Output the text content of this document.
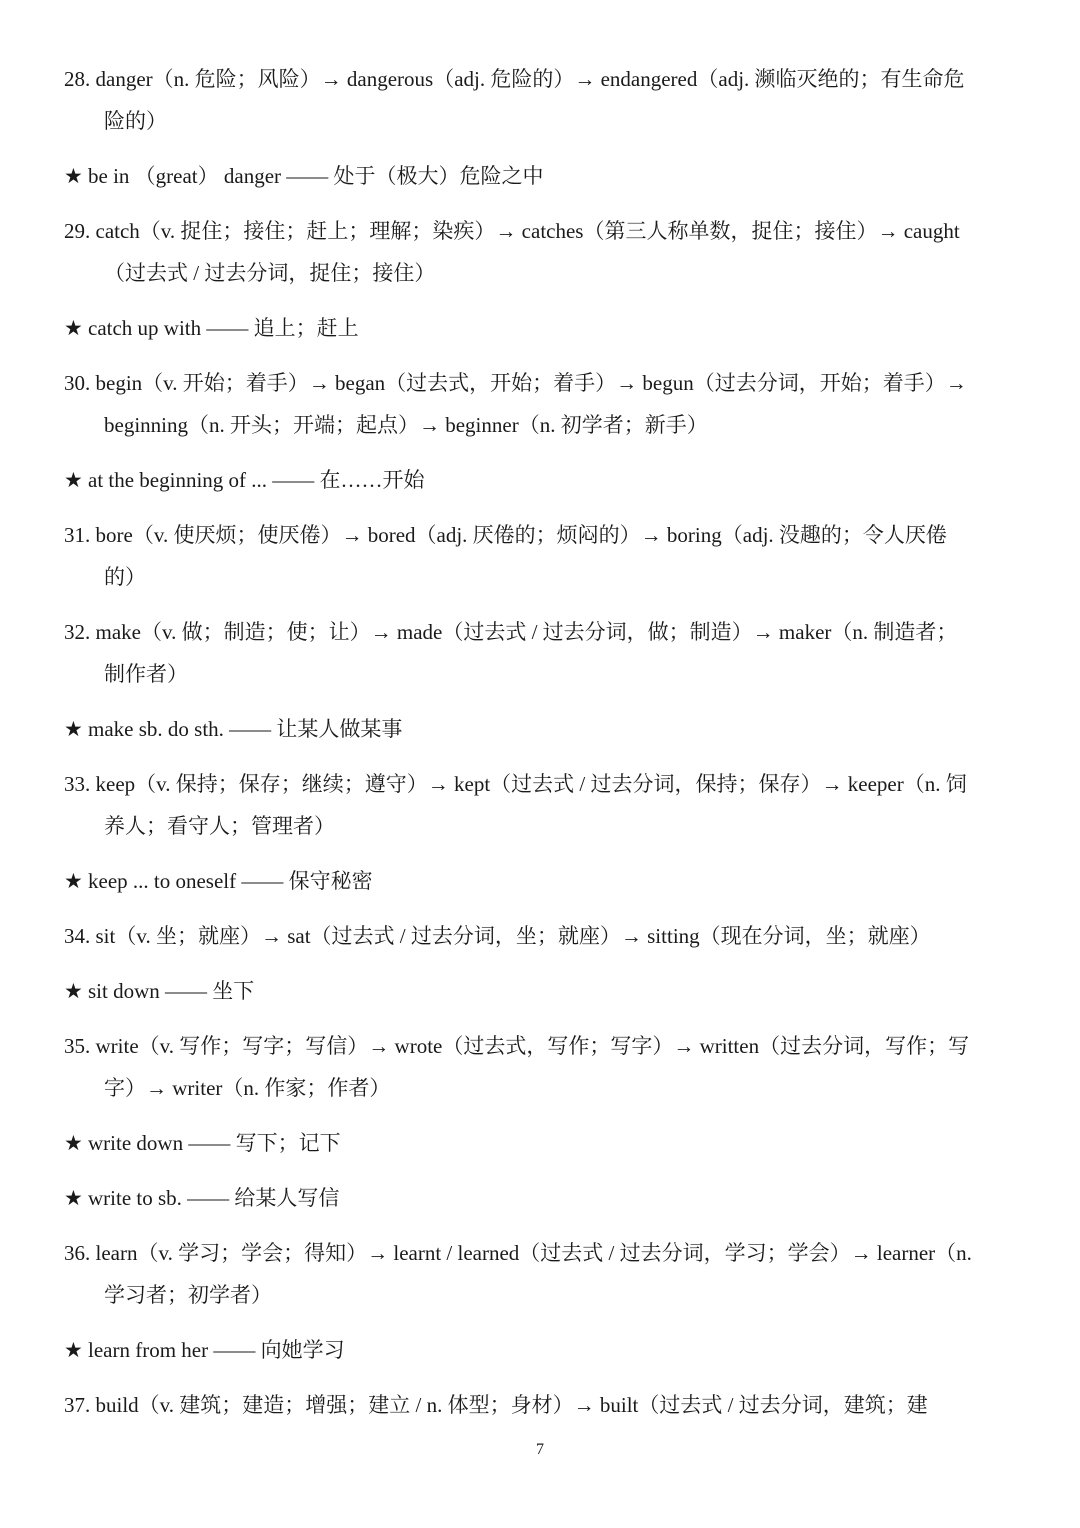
28. danger（n. 危险；风险）→ dangerous（adj. 危险的）→ endangered（adj. 濒临灭绝的；有生命危
险的）
★ be in （great） danger —— 处于（极大）危险之中
29. catch（v. 捉住；接住；赶上；理解；染疾）→ catches（第三人称单数，捉住；接住）→ caught
（过去式 / 过去分词，捉住；接住）
★ catch up with —— 追上；赶上
30. begin（v. 开始；着手）→ began（过去式，开始；着手）→ begun（过去分词，开始；着手）→
beginning（n. 开头；开端；起点）→ beginner（n. 初学者；新手）
★ at the beginning of ... —— 在……开始
31. bore（v. 使厌烦；使厌倦）→ bored（adj. 厌倦的；烦闷的）→ boring（adj. 没趣的；令人厌倦
的）
32. make（v. 做；制造；使；让）→ made（过去式 / 过去分词，做；制造）→ maker（n. 制造者；
制作者）
★ make sb. do sth. —— 让某人做某事
33. keep（v. 保持；保存；继续；遵守）→ kept（过去式 / 过去分词，保持；保存）→ keeper（n. 饲
养人；看守人；管理者）
★ keep ... to oneself —— 保守秘密
34. sit（v. 坐；就座）→ sat（过去式 / 过去分词，坐；就座）→ sitting（现在分词，坐；就座）
★ sit down —— 坐下
35. write（v. 写作；写字；写信）→ wrote（过去式，写作；写字）→ written（过去分词，写作；写
字）→ writer（n. 作家；作者）
★ write down —— 写下；记下
★ write to sb. —— 给某人写信
36. learn（v. 学习；学会；得知）→ learnt / learned（过去式 / 过去分词，学习；学会）→ learner（n.
学习者；初学者）
★ learn from her —— 向她学习
37. build（v. 建筑；建造；增强；建立 / n. 体型；身材）→ built（过去式 / 过去分词，建筑；建
7
